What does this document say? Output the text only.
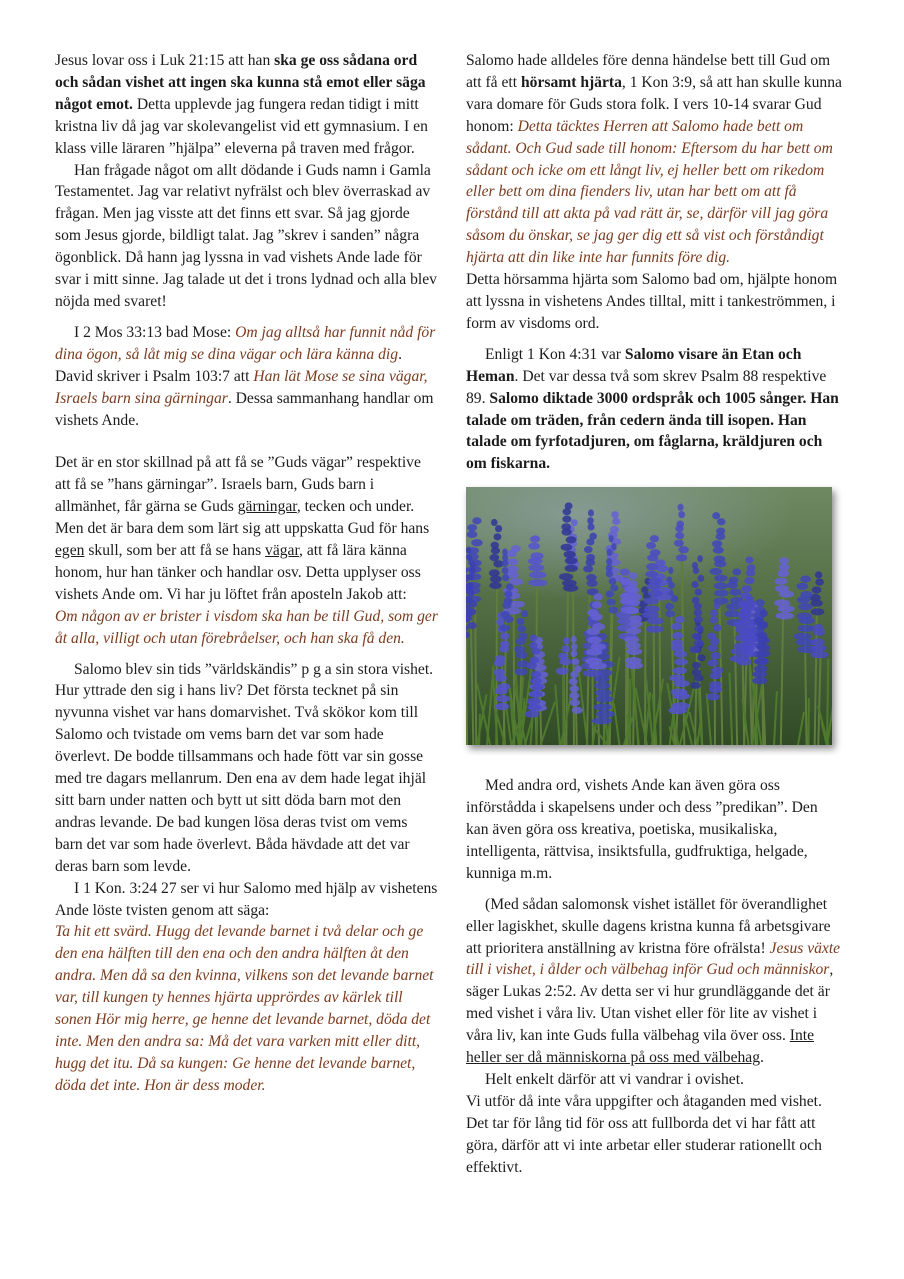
Jesus lovar oss i Luk 21:15 att han ska ge oss sådana ord och sådan vishet att ingen ska kunna stå emot eller säga något emot. Detta upplevde jag fungera redan tidigt i mitt kristna liv då jag var skolevangelist vid ett gymnasium. I en klass ville läraren ”hjälpa” eleverna på traven med frågor.

Han frågade något om allt dödande i Guds namn i Gamla Testamentet. Jag var relativt nyfrälst och blev överraskad av frågan. Men jag visste att det finns ett svar. Så jag gjorde som Jesus gjorde, bildligt talat. Jag ”skrev i sanden” några ögonblick. Då hann jag lyssna in vad vishets Ande lade för svar i mitt sinne. Jag talade ut det i trons lydnad och alla blev nöjda med svaret!

I 2 Mos 33:13 bad Mose: Om jag alltså har funnit nåd för dina ögon, så låt mig se dina vägar och lära känna dig. David skriver i Psalm 103:7 att Han lät Mose se sina vägar, Israels barn sina gärningar. Dessa sammanhang handlar om vishets Ande.

Det är en stor skillnad på att få se ”Guds vägar” respektive att få se ”hans gärningar”. Israels barn, Guds barn i allmänhet, får gärna se Guds gärningar, tecken och under. Men det är bara dem som lärt sig att uppskatta Gud för hans egen skull, som ber att få se hans vägar, att få lära känna honom, hur han tänker och handlar osv. Detta upplyser oss vishets Ande om. Vi har ju löftet från aposteln Jakob att:
Om någon av er brister i visdom ska han be till Gud, som ger åt alla, villigt och utan förebråelser, och han ska få den.

Salomo blev sin tids ”världskändis” p g a sin stora vishet. Hur yttrade den sig i hans liv? Det första tecknet på sin nyvunna vishet var hans domarvishet. Två skökor kom till Salomo och tvistade om vems barn det var som hade överlevt. De bodde tillsammans och hade fött var sin gosse med tre dagars mellanrum. Den ena av dem hade legat ihjäl sitt barn under natten och bytt ut sitt döda barn mot den andras levande. De bad kungen lösa deras tvist om vems barn det var som hade överlevt. Båda hävdade att det var deras barn som levde.

I 1 Kon. 3:24 27 ser vi hur Salomo med hjälp av vishetens Ande löste tvisten genom att säga:
Ta hit ett svärd. Hugg det levande barnet i två delar och ge den ena hälften till den ena och den andra hälften åt den andra. Men då sa den kvinna, vilkens son det levande barnet var, till kungen ty hennes hjärta upprördes av kärlek till sonen Hör mig herre, ge henne det levande barnet, döda det inte. Men den andra sa: Må det vara varken mitt eller ditt, hugg det itu. Då sa kungen: Ge henne det levande barnet, döda det inte. Hon är dess moder.

Salomo hade alldeles före denna händelse bett till Gud om att få ett hörsamt hjärta, 1 Kon 3:9, så att han skulle kunna vara domare för Guds stora folk. I vers 10-14 svarar Gud honom: Detta täcktes Herren att Salomo hade bett om sådant. Och Gud sade till honom: Eftersom du har bett om sådant och icke om ett långt liv, ej heller bett om rikedom eller bett om dina fienders liv, utan har bett om att få förstånd till att akta på vad rätt är, se, därför vill jag göra såsom du önskar, se jag ger dig ett så vist och förståndigt hjärta att din like inte har funnits före dig.
Detta hörsamma hjärta som Salomo bad om, hjälpte honom att lyssna in vishetens Andes tilltal, mitt i tankeströmmen, i form av visdoms ord.

Enligt 1 Kon 4:31 var Salomo visare än Etan och Heman. Det var dessa två som skrev Psalm 88 respektive 89. Salomo diktade 3000 ordspråk och 1005 sånger. Han talade om träden, från cedern ända till isopen. Han talade om fyrfotadjuren, om fåglarna, kräldjuren och om fiskarna.

Med andra ord, vishets Ande kan även göra oss införstådda i skapelsens under och dess ”predikan”. Den kan även göra oss kreativa, poetiska, musikaliska, intelligenta, rättvisa, insiktsfulla, gudfruktiga, helgade, kunniga m.m.

(Med sådan salomonsk vishet istället för överandlighet eller lagiskhet, skulle dagens kristna kunna få arbetsgivare att prioritera anställning av kristna före ofrälsta! Jesus växte till i vishet, i ålder och välbehag inför Gud och människor, säger Lukas 2:52. Av detta ser vi hur grundläggande det är med vishet i våra liv. Utan vishet eller för lite av vishet i våra liv, kan inte Guds fulla välbehag vila över oss. Inte heller ser då människorna på oss med välbehag.

Helt enkelt därför att vi vandrar i ovishet.

Vi utför då inte våra uppgifter och åtaganden med vishet. Det tar för lång tid för oss att fullborda det vi har fått att göra, därför att vi inte arbetar eller studerar rationellt och effektivt.
